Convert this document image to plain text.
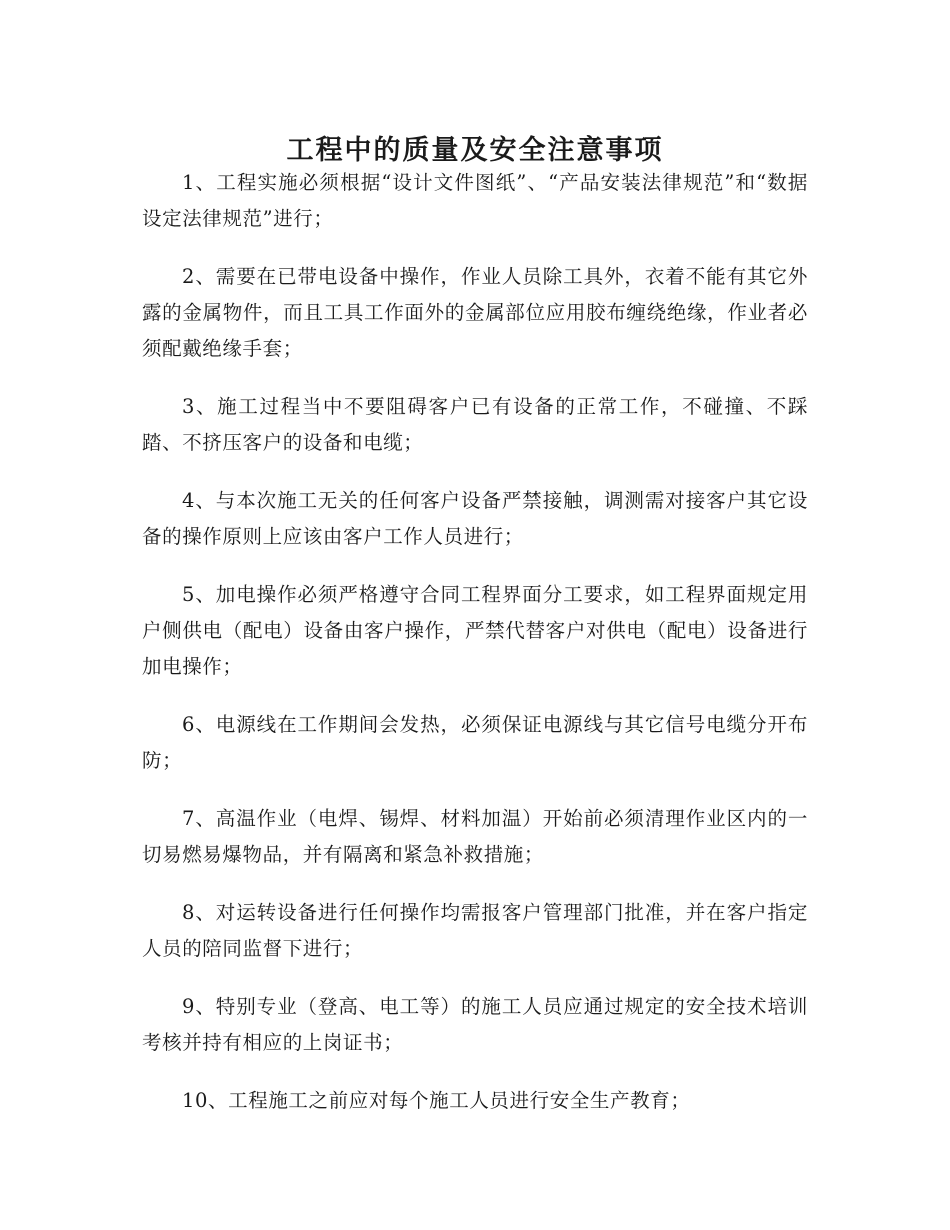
工程中的质量及安全注意事项

1、工程实施必须根据“设计文件图纸”、“产品安装法律规范”和“数据设定法律规范”进行；

2、需要在已带电设备中操作，作业人员除工具外，衣着不能有其它外露的金属物件，而且工具工作面外的金属部位应用胶布缠绕绝缘，作业者必须配戴绝缘手套；

3、施工过程当中不要阻碍客户已有设备的正常工作，不碰撞、不踩踏、不挤压客户的设备和电缆；

4、与本次施工无关的任何客户设备严禁接触，调测需对接客户其它设备的操作原则上应该由客户工作人员进行；

5、加电操作必须严格遵守合同工程界面分工要求，如工程界面规定用户侧供电（配电）设备由客户操作，严禁代替客户对供电（配电）设备进行加电操作；

6、电源线在工作期间会发热，必须保证电源线与其它信号电缆分开布防；

7、高温作业（电焊、锡焊、材料加温）开始前必须清理作业区内的一切易燃易爆物品，并有隔离和紧急补救措施；

8、对运转设备进行任何操作均需报客户管理部门批准，并在客户指定人员的陪同监督下进行；

9、特别专业（登高、电工等）的施工人员应通过规定的安全技术培训考核并持有相应的上岗证书；

10、工程施工之前应对每个施工人员进行安全生产教育；
